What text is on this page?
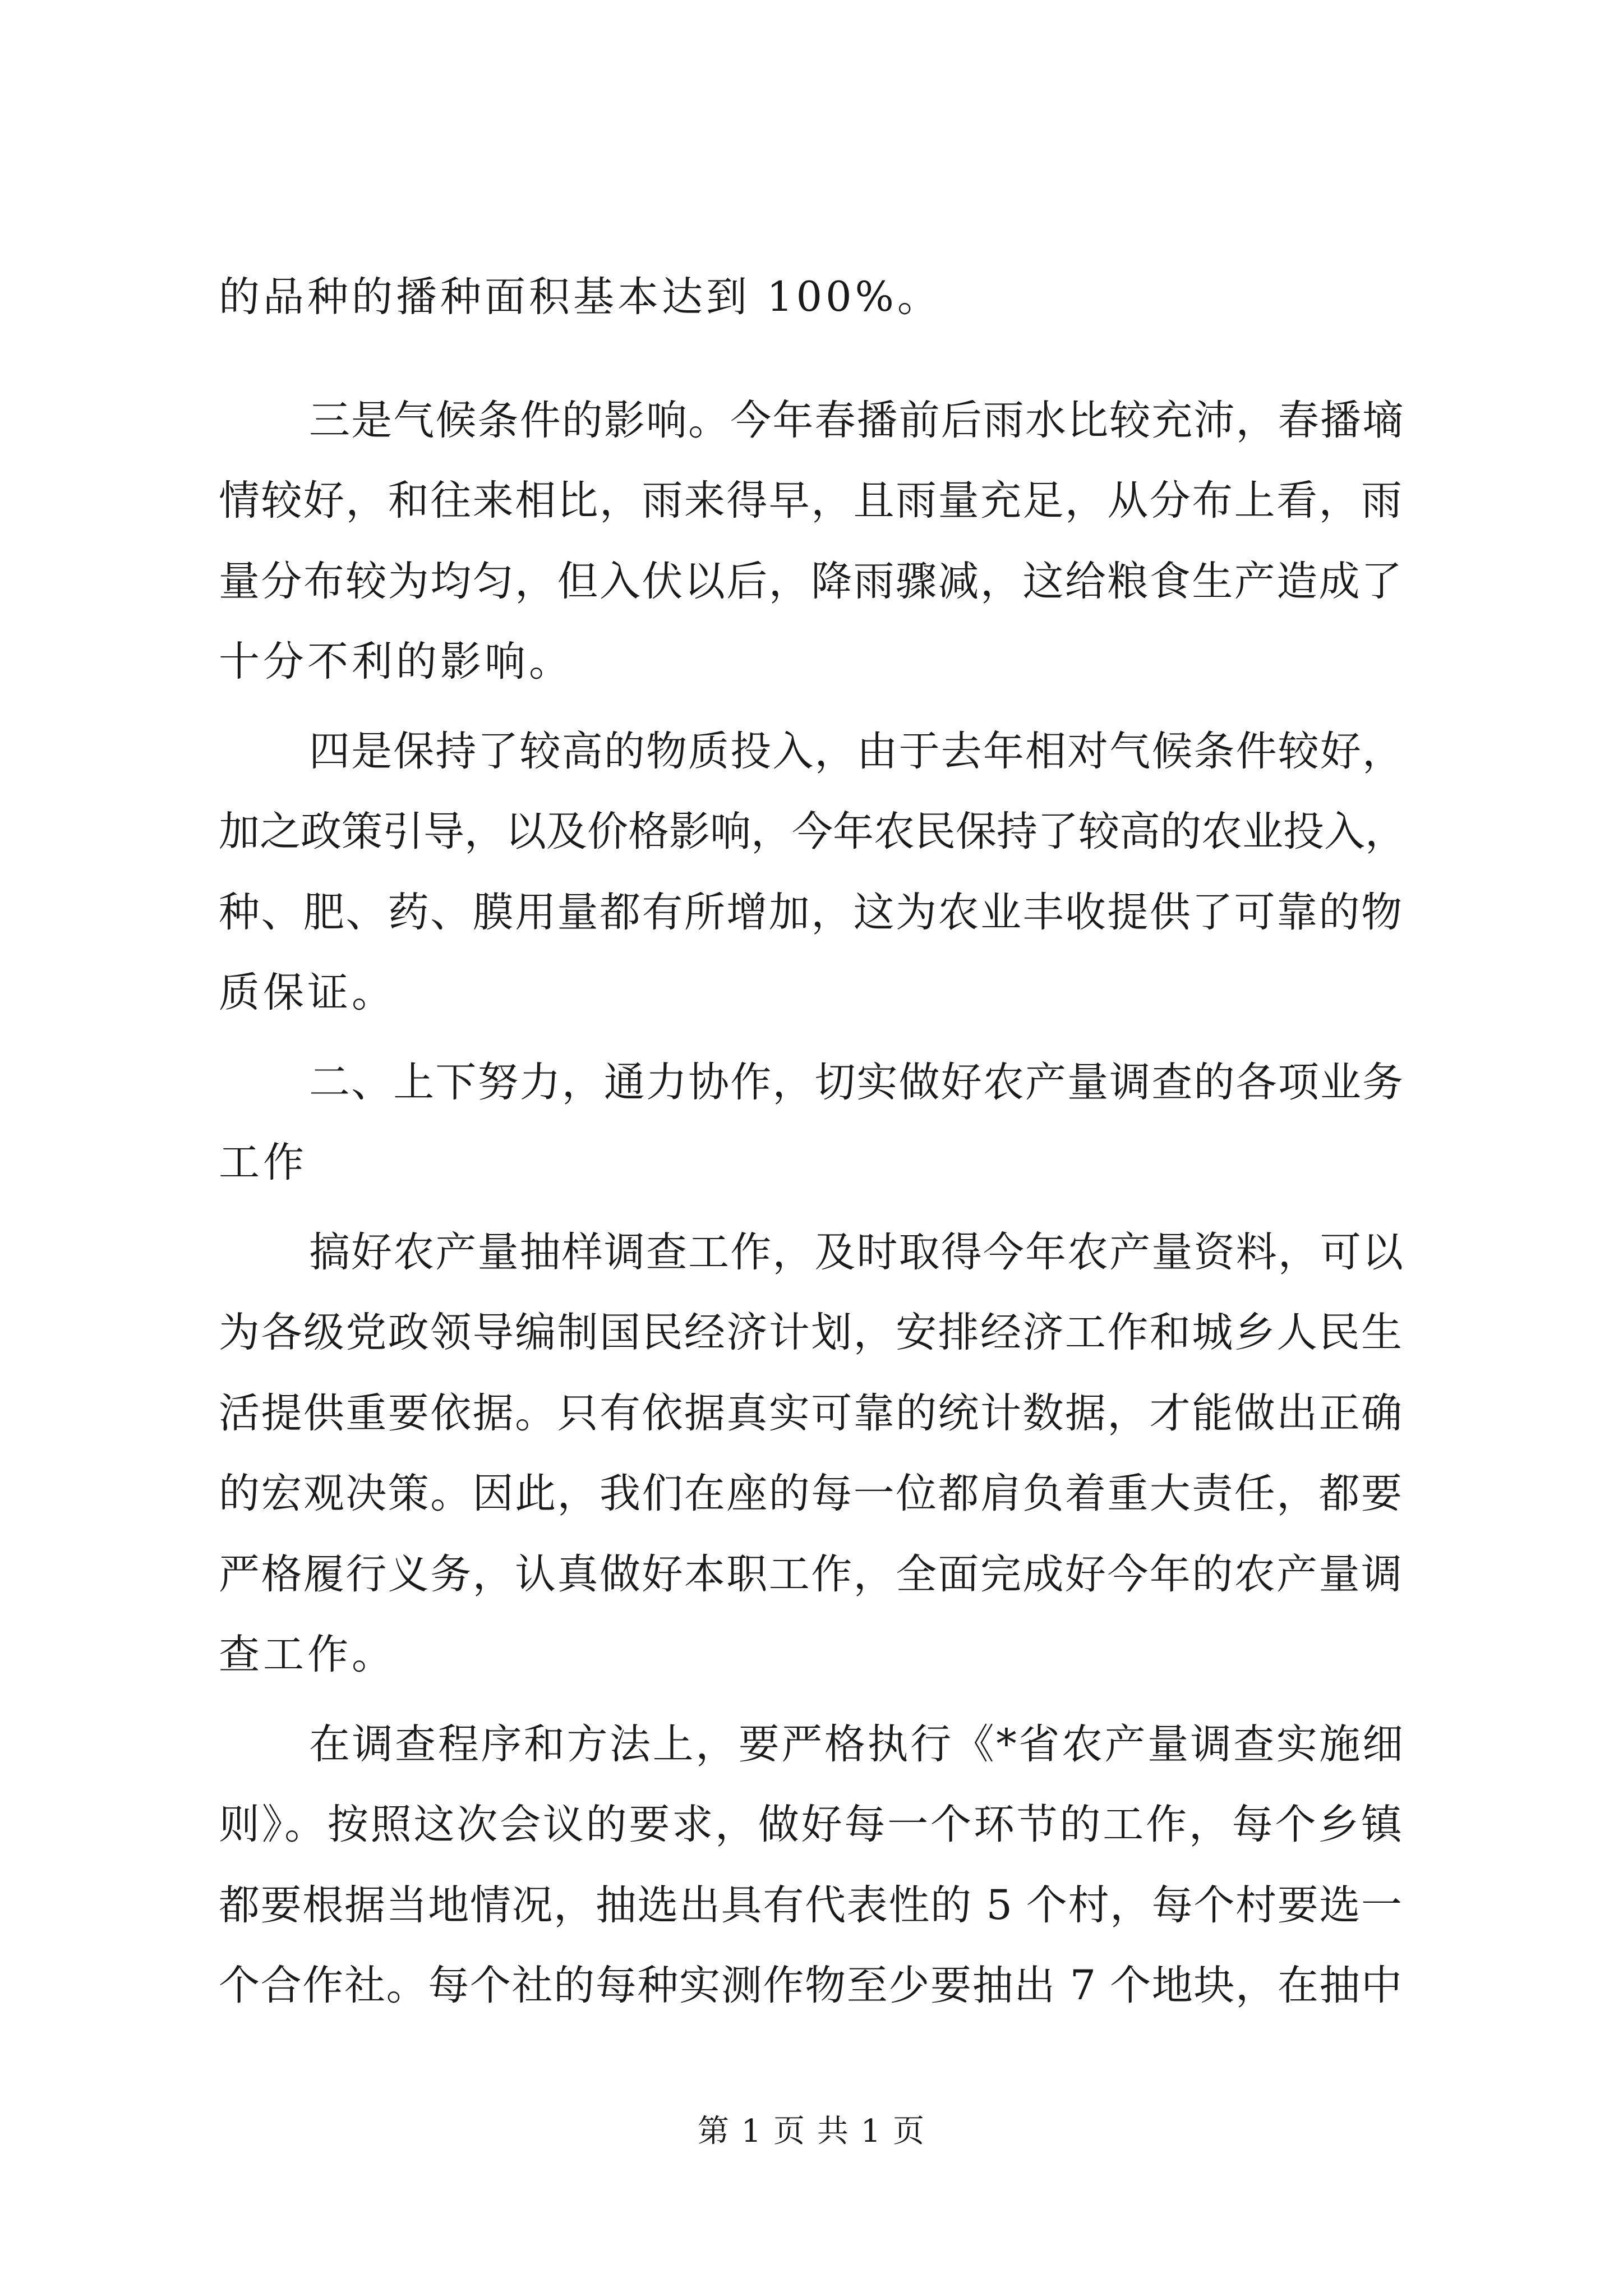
的品种的播种面积基本达到 100%。
三是气候条件的影响。今年春播前后雨水比较充沛，春播墒
情较好，和往来相比，雨来得早，且雨量充足，从分布上看，雨
量分布较为均匀，但入伏以后，降雨骤减，这给粮食生产造成了
十分不利的影响。
四是保持了较高的物质投入，由于去年相对气候条件较好，
加之政策引导，以及价格影响，今年农民保持了较高的农业投入，
种、肥、药、膜用量都有所增加，这为农业丰收提供了可靠的物
质保证。
二、上下努力，通力协作，切实做好农产量调查的各项业务
工作
搞好农产量抽样调查工作，及时取得今年农产量资料，可以
为各级党政领导编制国民经济计划，安排经济工作和城乡人民生
活提供重要依据。只有依据真实可靠的统计数据，才能做出正确
的宏观决策。因此，我们在座的每一位都肩负着重大责任，都要
严格履行义务，认真做好本职工作，全面完成好今年的农产量调
查工作。
在调查程序和方法上，要严格执行《*省农产量调查实施细
则》。按照这次会议的要求，做好每一个环节的工作，每个乡镇
都要根据当地情况，抽选出具有代表性的 5 个村，每个村要选一
个合作社。每个社的每种实测作物至少要抽出 7 个地块，在抽中
第 1 页 共 1 页
